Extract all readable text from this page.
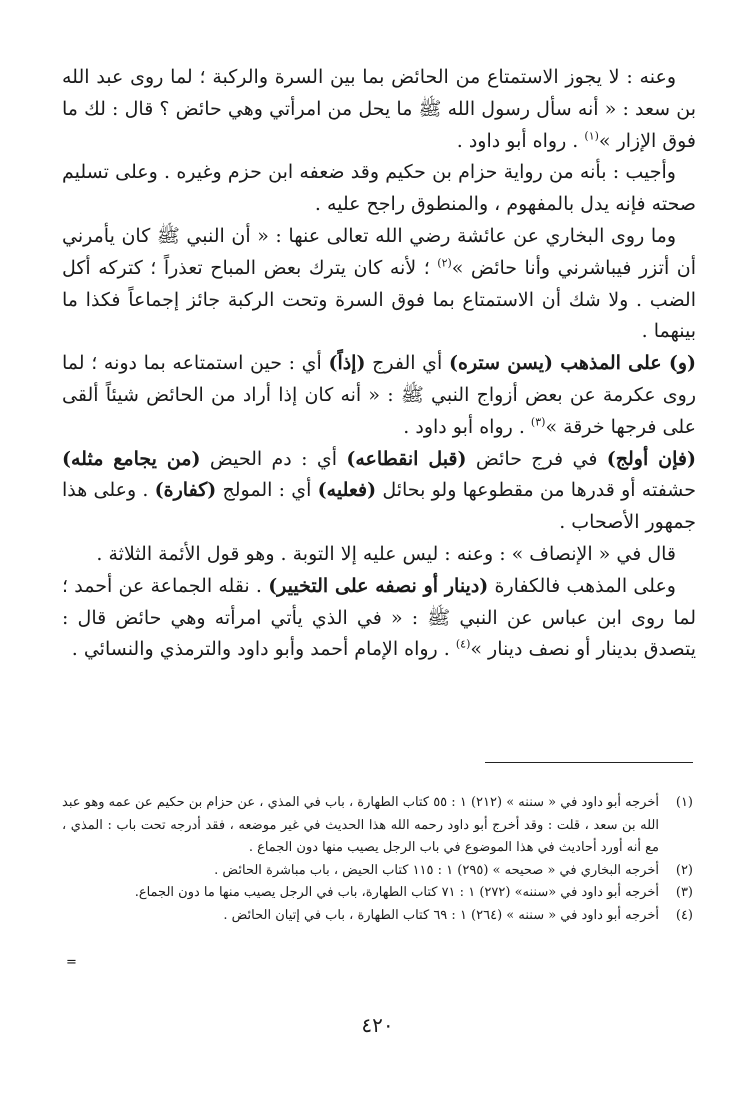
وعنه : لا يجوز الاستمتاع من الحائض بما بين السرة والركبة ؛ لما روى عبد الله بن سعد : « أنه سأل رسول الله ﷺ ما يحل من امرأتي وهي حائض ؟ قال : لك ما فوق الإزار »$^{(١)}$ . رواه أبو داود .

وأجيب : بأنه من رواية حزام بن حكيم وقد ضعفه ابن حزم وغيره . وعلى تسليم صحته فإنه يدل بالمفهوم ، والمنطوق راجح عليه .

وما روى البخاري عن عائشة رضي الله تعالى عنها : « أن النبي ﷺ كان يأمرني أن أتزر فيباشرني وأنا حائض »$^{(٢)}$ ؛ لأنه كان يترك بعض المباح تعذراً ؛ كتركه أكل الضب . ولا شك أن الاستمتاع بما فوق السرة وتحت الركبة جائز إجماعاً فكذا ما بينهما .

(و) على المذهب (يسن ستره) أي الفرج (إذاً) أي : حين استمتاعه بما دونه ؛ لما روى عكرمة عن بعض أزواج النبي ﷺ : « أنه كان إذا أراد من الحائض شيئاً ألقى على فرجها خرقة »$^{(٣)}$ . رواه أبو داود .

(فإن أولج) في فرج حائض (قبل انقطاعه) أي : دم الحيض (من يجامع مثله) حشفته أو قدرها من مقطوعها ولو بحائل (فعليه) أي : المولج (كفارة) . وعلى هذا جمهور الأصحاب .

قال في « الإنصاف » : وعنه : ليس عليه إلا التوبة . وهو قول الأئمة الثلاثة .

وعلى المذهب فالكفارة (دينار أو نصفه على التخيير) . نقله الجماعة عن أحمد ؛ لما روى ابن عباس عن النبي ﷺ : « في الذي يأتي امرأته وهي حائض قال : يتصدق بدينار أو نصف دينار »$^{(٤)}$ . رواه الإمام أحمد وأبو داود والترمذي والنسائي .

(١)
أخرجه أبو داود في « سننه » (٢١٢) ١ : ٥٥ كتاب الطهارة ، باب في المذي ، عن حزام بن حكيم عن عمه وهو عبد الله بن سعد ، قلت : وقد أخرج أبو داود رحمه الله هذا الحديث في غير موضعه ، فقد أدرجه تحت باب : المذي ، مع أنه أورد أحاديث في هذا الموضوع في باب الرجل يصيب منها دون الجماع .
(٢)
أخرجه البخاري في « صحيحه » (٢٩٥) ١ : ١١٥ كتاب الحيض ، باب مباشرة الحائض .
(٣)
أخرجه أبو داود في «سننه» (٢٧٢) ١ : ٧١ كتاب الطهارة، باب في الرجل يصيب منها ما دون الجماع.
(٤)
أخرجه أبو داود في « سننه » (٢٦٤) ١ : ٦٩ كتاب الطهارة ، باب في إتيان الحائض .
=
٤٢٠
